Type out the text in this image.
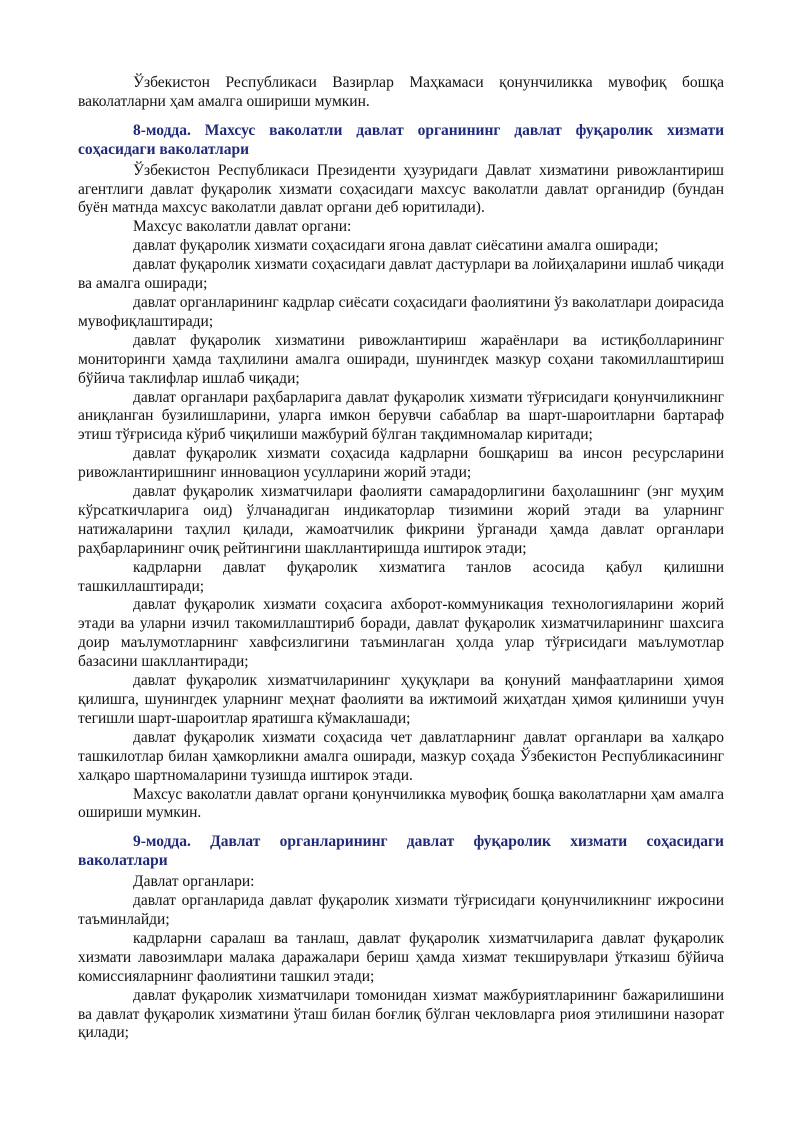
Ўзбекистон Республикаси Вазирлар Маҳкамаси қонунчиликка мувофиқ бошқа ваколатларни ҳам амалга ошириши мумкин.

8-модда. Махсус ваколатли давлат органининг давлат фуқаролик хизмати соҳасидаги ваколатлари

Ўзбекистон Республикаси Президенти ҳузуридаги Давлат хизматини ривожлантириш агентлиги давлат фуқаролик хизмати соҳасидаги махсус ваколатли давлат органидир (бундан буён матнда махсус ваколатли давлат органи деб юритилади).

Махсус ваколатли давлат органи:

давлат фуқаролик хизмати соҳасидаги ягона давлат сиёсатини амалга оширади;

давлат фуқаролик хизмати соҳасидаги давлат дастурлари ва лойиҳаларини ишлаб чиқади ва амалга оширади;

давлат органларининг кадрлар сиёсати соҳасидаги фаолиятини ўз ваколатлари доирасида мувофиқлаштиради;

давлат фуқаролик хизматини ривожлантириш жараёнлари ва истиқболларининг мониторинги ҳамда таҳлилини амалга оширади, шунингдек мазкур соҳани такомиллаштириш бўйича таклифлар ишлаб чиқади;

давлат органлари раҳбарларига давлат фуқаролик хизмати тўғрисидаги қонунчиликнинг аниқланган бузилишларини, уларга имкон берувчи сабаблар ва шарт-шароитларни бартараф этиш тўғрисида кўриб чиқилиши мажбурий бўлган тақдимномалар киритади;

давлат фуқаролик хизмати соҳасида кадрларни бошқариш ва инсон ресурсларини ривожлантиришнинг инновацион усулларини жорий этади;

давлат фуқаролик хизматчилари фаолияти самарадорлигини баҳолашнинг (энг муҳим кўрсаткичларига оид) ўлчанадиган индикаторлар тизимини жорий этади ва уларнинг натижаларини таҳлил қилади, жамоатчилик фикрини ўрганади ҳамда давлат органлари раҳбарларининг очиқ рейтингини шакллантиришда иштирок этади;

кадрларни давлат фуқаролик хизматига танлов асосида қабул қилишни ташкиллаштиради;

давлат фуқаролик хизмати соҳасига ахборот-коммуникация технологияларини жорий этади ва уларни изчил такомиллаштириб боради, давлат фуқаролик хизматчиларининг шахсига доир маълумотларнинг хавфсизлигини таъминлаган ҳолда улар тўғрисидаги маълумотлар базасини шакллантиради;

давлат фуқаролик хизматчиларининг ҳуқуқлари ва қонуний манфаатларини ҳимоя қилишга, шунингдек уларнинг меҳнат фаолияти ва ижтимоий жиҳатдан ҳимоя қилиниши учун тегишли шарт-шароитлар яратишга кўмаклашади;

давлат фуқаролик хизмати соҳасида чет давлатларнинг давлат органлари ва халқаро ташкилотлар билан ҳамкорликни амалга оширади, мазкур соҳада Ўзбекистон Республикасининг халқаро шартномаларини тузишда иштирок этади.

Махсус ваколатли давлат органи қонунчиликка мувофиқ бошқа ваколатларни ҳам амалга ошириши мумкин.

9-модда. Давлат органларининг давлат фуқаролик хизмати соҳасидаги ваколатлари

Давлат органлари:

давлат органларида давлат фуқаролик хизмати тўғрисидаги қонунчиликнинг ижросини таъминлайди;

кадрларни саралаш ва танлаш, давлат фуқаролик хизматчиларига давлат фуқаролик хизмати лавозимлари малака даражалари бериш ҳамда хизмат текширувлари ўтказиш бўйича комиссияларнинг фаолиятини ташкил этади;

давлат фуқаролик хизматчилари томонидан хизмат мажбуриятларининг бажарилишини ва давлат фуқаролик хизматини ўташ билан боғлиқ бўлган чекловларга риоя этилишини назорат қилади;
